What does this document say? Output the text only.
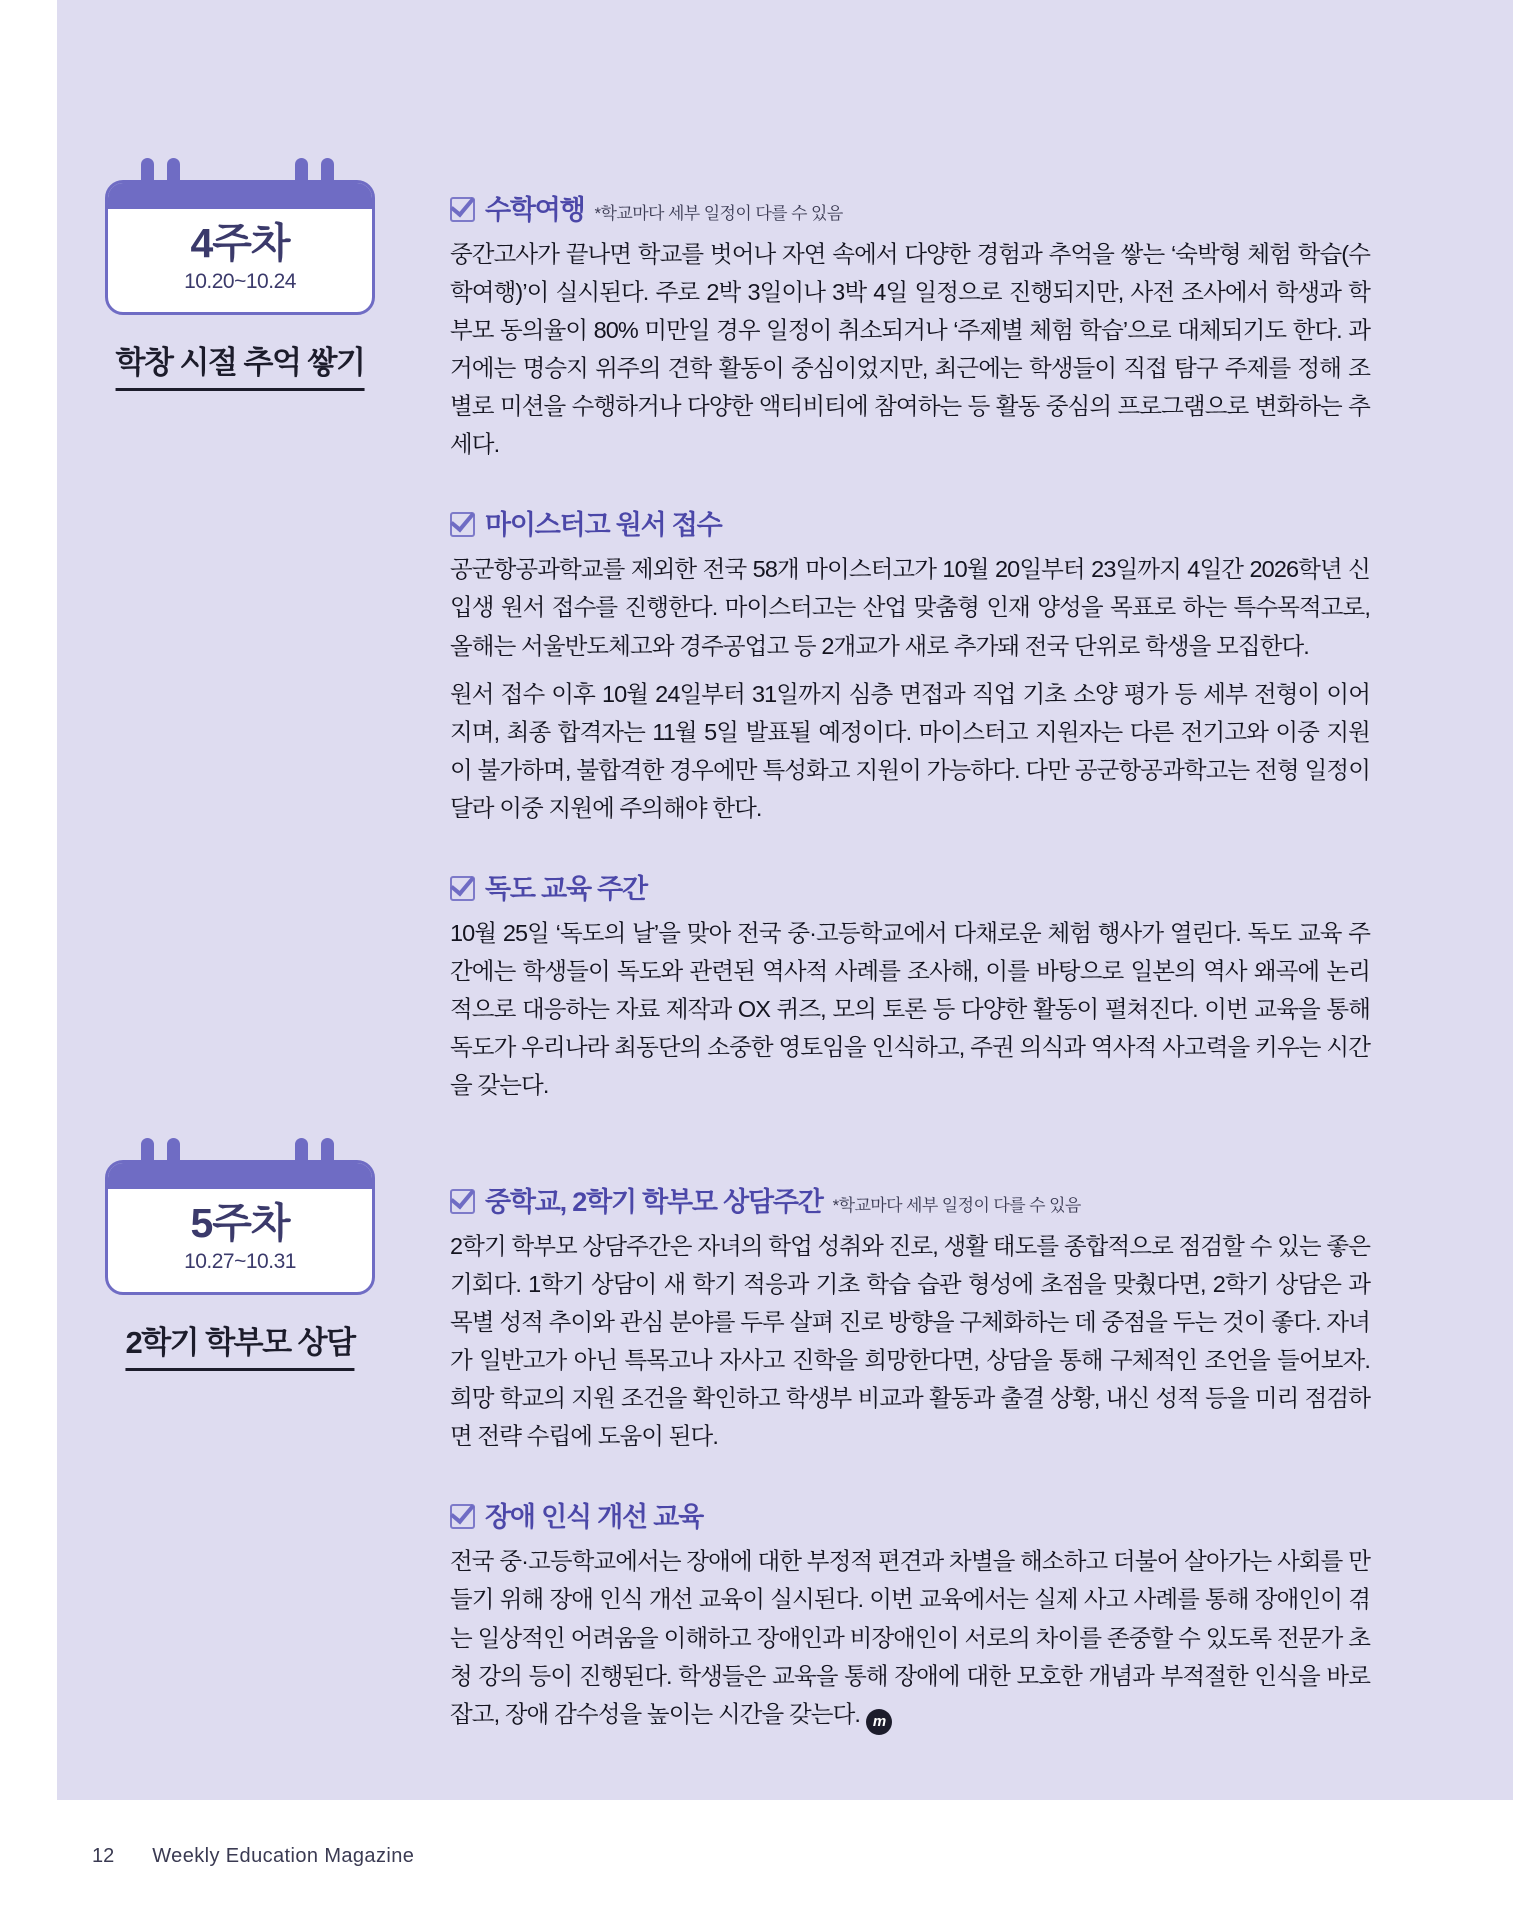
4주차
10.20~10.24
학창 시절 추억 쌓기
수학여행 *학교마다 세부 일정이 다를 수 있음

중간고사가 끝나면 학교를 벗어나 자연 속에서 다양한 경험과 추억을 쌓는 ‘숙박형 체험 학습(수학여행)’이 실시된다. 주로 2박 3일이나 3박 4일 일정으로 진행되지만, 사전 조사에서 학생과 학부모 동의율이 80% 미만일 경우 일정이 취소되거나 ‘주제별 체험 학습’으로 대체되기도 한다. 과거에는 명승지 위주의 견학 활동이 중심이었지만, 최근에는 학생들이 직접 탐구 주제를 정해 조별로 미션을 수행하거나 다양한 액티비티에 참여하는 등 활동 중심의 프로그램으로 변화하는 추세다.

마이스터고 원서 접수

공군항공과학교를 제외한 전국 58개 마이스터고가 10월 20일부터 23일까지 4일간 2026학년 신입생 원서 접수를 진행한다. 마이스터고는 산업 맞춤형 인재 양성을 목표로 하는 특수목적고로, 올해는 서울반도체고와 경주공업고 등 2개교가 새로 추가돼 전국 단위로 학생을 모집한다.

원서 접수 이후 10월 24일부터 31일까지 심층 면접과 직업 기초 소양 평가 등 세부 전형이 이어지며, 최종 합격자는 11월 5일 발표될 예정이다. 마이스터고 지원자는 다른 전기고와 이중 지원이 불가하며, 불합격한 경우에만 특성화고 지원이 가능하다. 다만 공군항공과학고는 전형 일정이 달라 이중 지원에 주의해야 한다.

독도 교육 주간

10월 25일 ‘독도의 날’을 맞아 전국 중·고등학교에서 다채로운 체험 행사가 열린다. 독도 교육 주간에는 학생들이 독도와 관련된 역사적 사례를 조사해, 이를 바탕으로 일본의 역사 왜곡에 논리적으로 대응하는 자료 제작과 OX 퀴즈, 모의 토론 등 다양한 활동이 펼쳐진다. 이번 교육을 통해 독도가 우리나라 최동단의 소중한 영토임을 인식하고, 주권 의식과 역사적 사고력을 키우는 시간을 갖는다.

5주차
10.27~10.31
2학기 학부모 상담
중학교, 2학기 학부모 상담주간 *학교마다 세부 일정이 다를 수 있음

2학기 학부모 상담주간은 자녀의 학업 성취와 진로, 생활 태도를 종합적으로 점검할 수 있는 좋은 기회다. 1학기 상담이 새 학기 적응과 기초 학습 습관 형성에 초점을 맞췄다면, 2학기 상담은 과목별 성적 추이와 관심 분야를 두루 살펴 진로 방향을 구체화하는 데 중점을 두는 것이 좋다. 자녀가 일반고가 아닌 특목고나 자사고 진학을 희망한다면, 상담을 통해 구체적인 조언을 들어보자. 희망 학교의 지원 조건을 확인하고 학생부 비교과 활동과 출결 상황, 내신 성적 등을 미리 점검하면 전략 수립에 도움이 된다.

장애 인식 개선 교육

전국 중·고등학교에서는 장애에 대한 부정적 편견과 차별을 해소하고 더불어 살아가는 사회를 만들기 위해 장애 인식 개선 교육이 실시된다. 이번 교육에서는 실제 사고 사례를 통해 장애인이 겪는 일상적인 어려움을 이해하고 장애인과 비장애인이 서로의 차이를 존중할 수 있도록 전문가 초청 강의 등이 진행된다. 학생들은 교육을 통해 장애에 대한 모호한 개념과 부적절한 인식을 바로잡고, 장애 감수성을 높이는 시간을 갖는다. m

12 Weekly Education Magazine
